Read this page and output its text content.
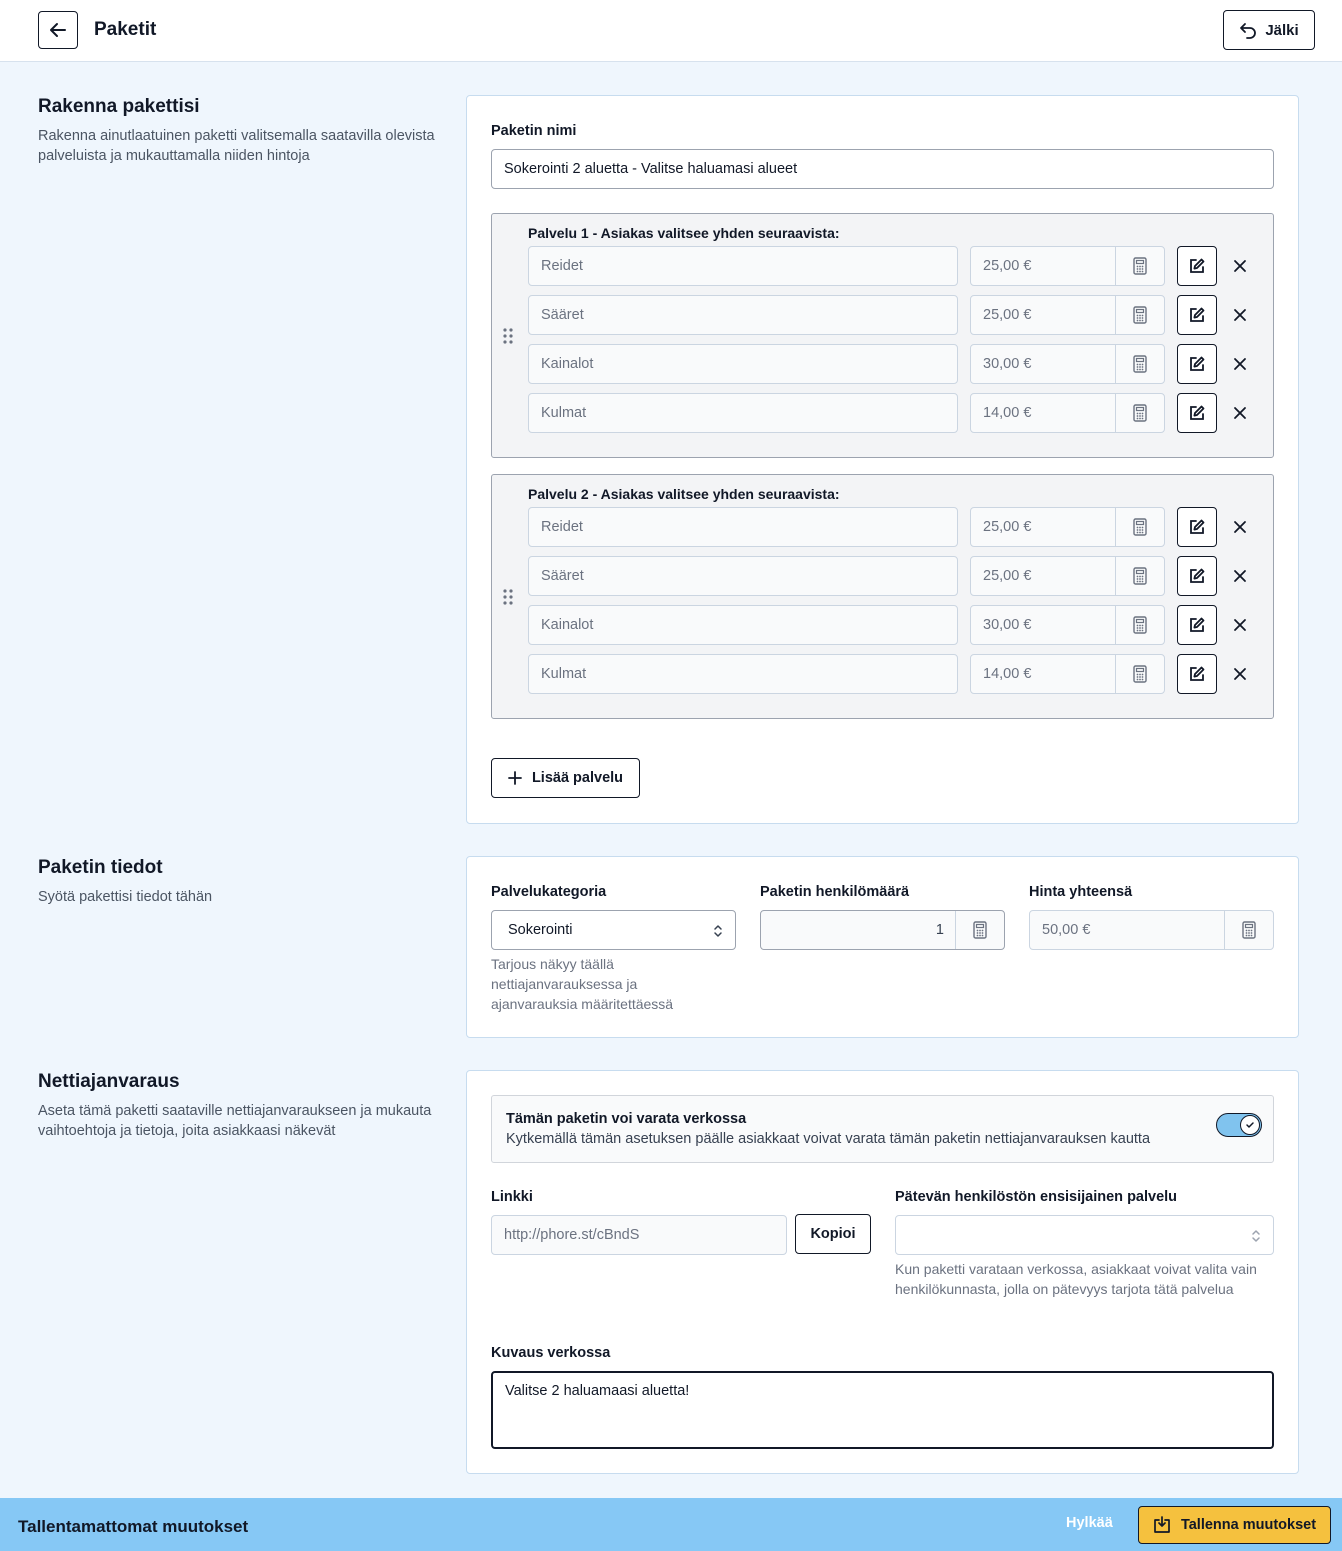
Paketit	Jälki
Rakenna pakettisi

Rakenna ainutlaatuinen paketti valitsemalla saatavilla olevista palveluista ja mukauttamalla niiden hintoja

Paketin nimi
Sokerointi 2 aluetta - Valitse haluamasi alueet
Palvelu 1 - Asiakas valitsee yhden seuraavista:
Reidet	25,00 €
Sääret	25,00 €
Kainalot	30,00 €
Kulmat	14,00 €
Palvelu 2 - Asiakas valitsee yhden seuraavista:
Reidet	25,00 €
Sääret	25,00 €
Kainalot	30,00 €
Kulmat	14,00 €
Lisää palvelu
Paketin tiedot

Syötä pakettisi tiedot tähän	Palvelukategoria
Sokerointi
Tarjous näkyy täällä nettiajanvarauksessa ja ajanvarauksia määritettäessä
Paketin henkilömäärä
1
Hinta yhteensä
50,00 €
Nettiajanvaraus

Aseta tämä paketti saataville nettiajanvaraukseen ja mukauta vaihtoehtoja ja tietoja, joita asiakkaasi näkevät

Tämän paketin voi varata verkossa
Kytkemällä tämän asetuksen päälle asiakkaat voivat varata tämän paketin nettiajanvarauksen kautta
Linkki
http://phore.st/cBndS	Kopioi
Pätevän henkilöstön ensisijainen palvelu
Kun paketti varataan verkossa, asiakkaat voivat valita vain henkilökunnasta, jolla on pätevyys tarjota tätä palvelua
Kuvaus verkossa
Valitse 2 haluamaasi aluetta!
Tallentamattomat muutokset	Hylkää	Tallenna muutokset
